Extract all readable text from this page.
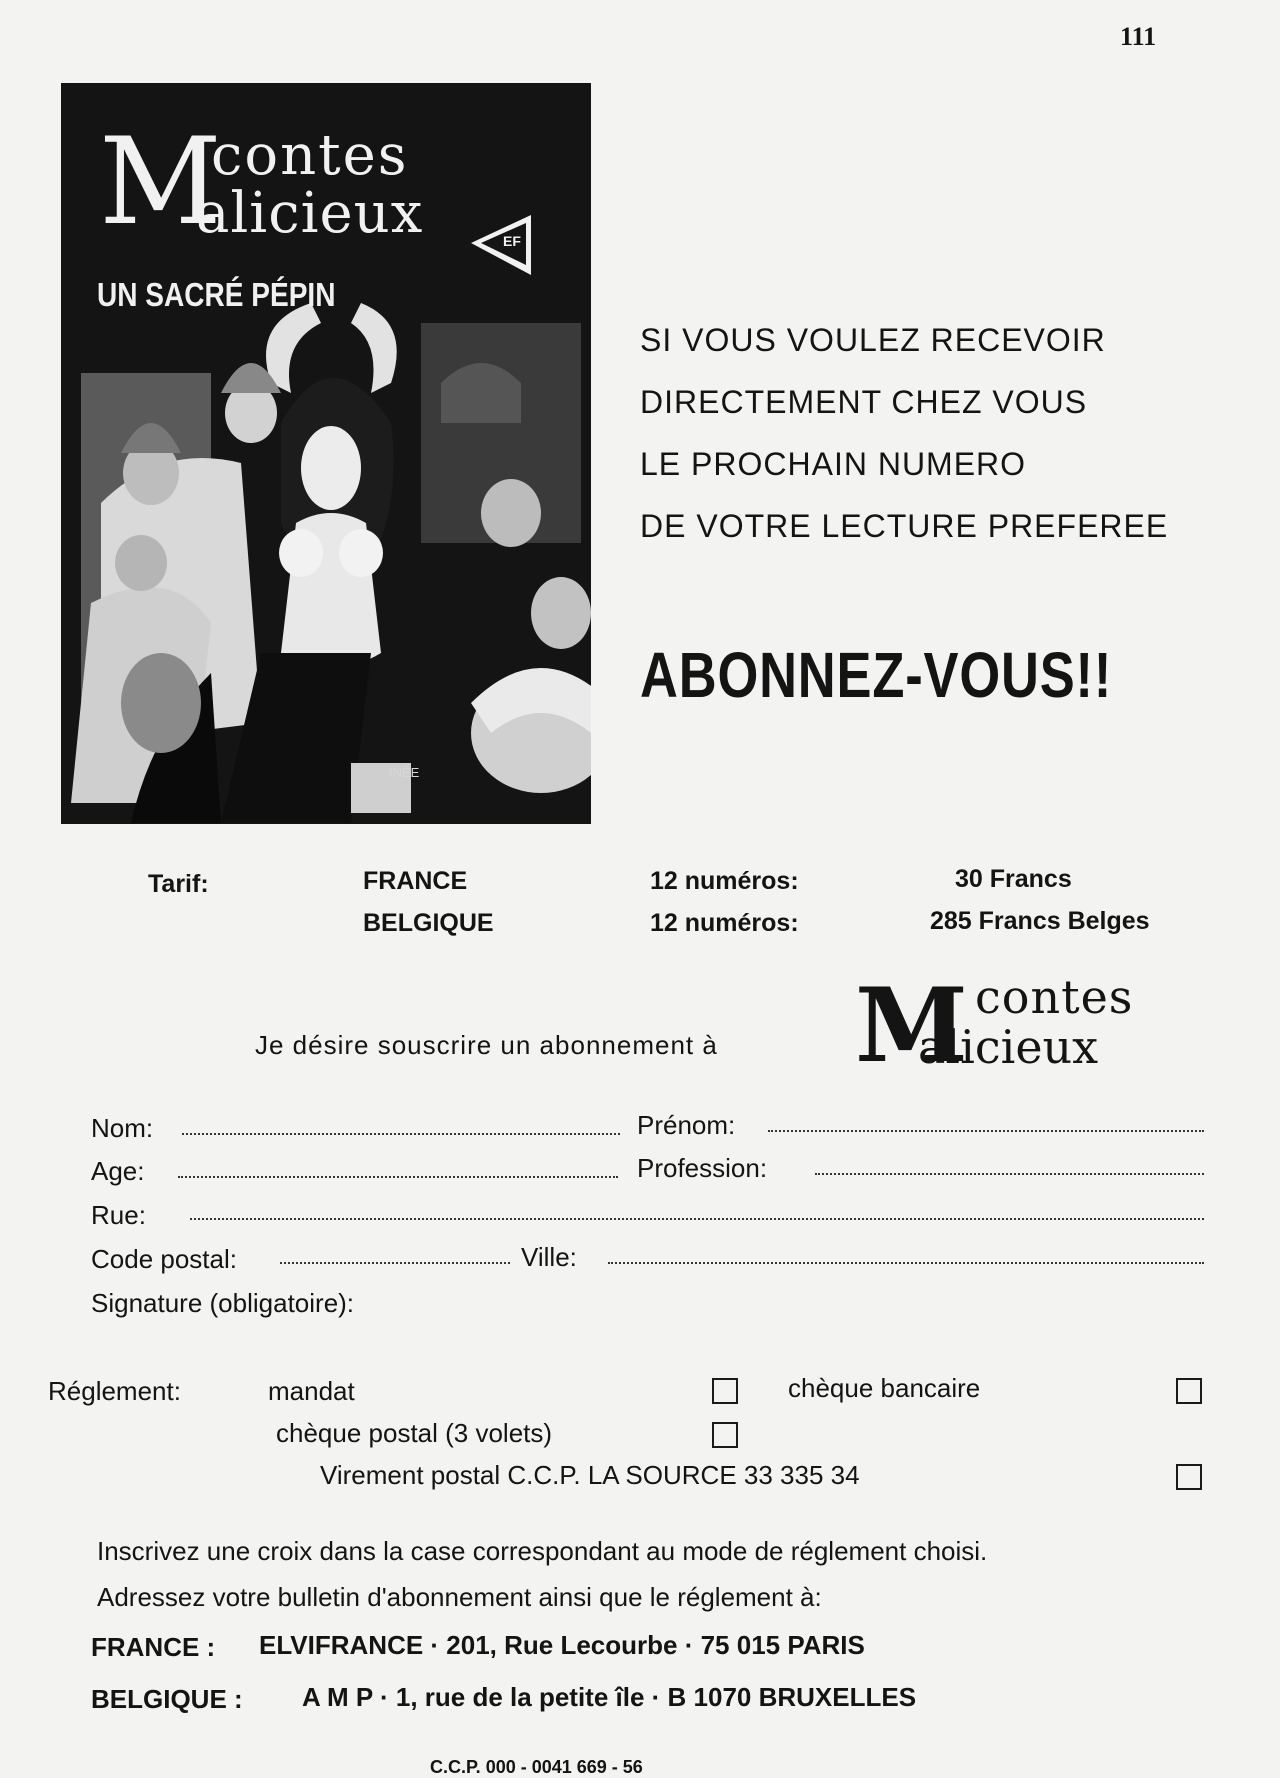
111
contes
alicieux
M	EF
UN SACRÉ PÉPIN
INÉE
SI VOUS VOULEZ RECEVOIR
DIRECTEMENT CHEZ VOUS
LE PROCHAIN NUMERO
DE VOTRE LECTURE PREFEREE
ABONNEZ-VOUS!!
Tarif:	FRANCE	12 numéros:	30 Francs
BELGIQUE	12 numéros:	285 Francs Belges
Je désire souscrire un abonnement à M contes
alicieux
Nom:	Prénom:
Age:	Profession:
Rue:
Code postal:	Ville:
Signature (obligatoire):
Réglement:	mandat	chèque bancaire
chèque postal (3 volets)
Virement postal C.C.P. LA SOURCE 33 335 34
Inscrivez une croix dans la case correspondant au mode de réglement choisi.
Adressez votre bulletin d'abonnement ainsi que le réglement à:
FRANCE : ELVIFRANCE · 201, Rue Lecourbe · 75 015 PARIS
BELGIQUE : A M P · 1, rue de la petite île · B 1070 BRUXELLES
C.C.P. 000 - 0041 669 - 56
